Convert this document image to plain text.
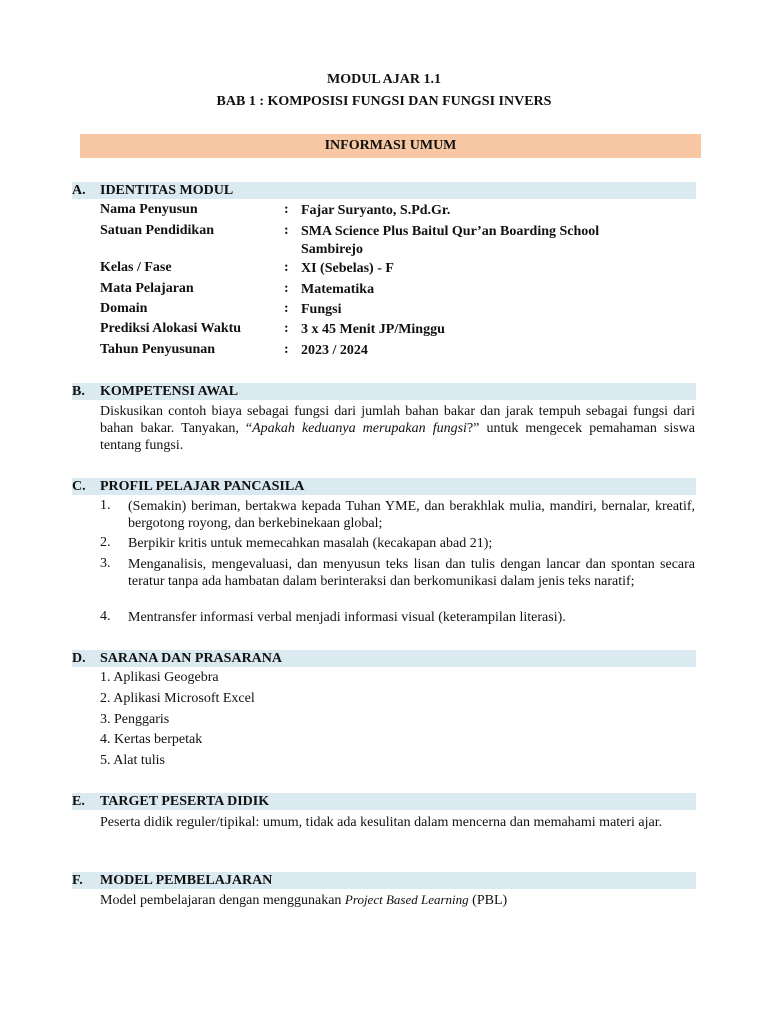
MODUL AJAR 1.1
BAB 1 : KOMPOSISI FUNGSI DAN FUNGSI INVERS
INFORMASI UMUM
A. IDENTITAS MODUL
Nama Penyusun	: Fajar Suryanto, S.Pd.Gr.
Satuan Pendidikan	: SMA Science Plus Baitul Qur’an Boarding School Sambirejo
Kelas / Fase	: XI (Sebelas) - F
Mata Pelajaran	: Matematika
Domain	: Fungsi
Prediksi Alokasi Waktu	: 3 x 45 Menit JP/Minggu
Tahun Penyusunan	: 2023 / 2024
B. KOMPETENSI AWAL
Diskusikan contoh biaya sebagai fungsi dari jumlah bahan bakar dan jarak tempuh sebagai fungsi dari bahan bakar. Tanyakan, “Apakah keduanya merupakan fungsi?” untuk mengecek pemahaman siswa tentang fungsi.
C. PROFIL PELAJAR PANCASILA
1. (Semakin) beriman, bertakwa kepada Tuhan YME, dan berakhlak mulia, mandiri, bernalar, kreatif, bergotong royong, dan berkebinekaan global;
2. Berpikir kritis untuk memecahkan masalah (kecakapan abad 21);
3. Menganalisis, mengevaluasi, dan menyusun teks lisan dan tulis dengan lancar dan spontan secara teratur tanpa ada hambatan dalam berinteraksi dan berkomunikasi dalam jenis teks naratif;
4. Mentransfer informasi verbal menjadi informasi visual (keterampilan literasi).
D. SARANA DAN PRASARANA
1. Aplikasi Geogebra
2. Aplikasi Microsoft Excel
3. Penggaris
4. Kertas berpetak
5. Alat tulis
E. TARGET PESERTA DIDIK
Peserta didik reguler/tipikal: umum, tidak ada kesulitan dalam mencerna dan memahami materi ajar.
F. MODEL PEMBELAJARAN
Model pembelajaran dengan menggunakan Project Based Learning (PBL)
